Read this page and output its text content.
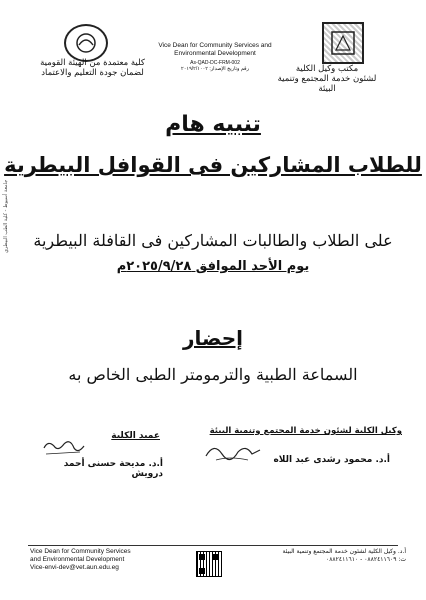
كلية معتمدة من الهيئة القومية
لضمان جودة التعليم والاعتماد
Vice Dean for Community Services and
Environmental Development
As-QAD-DC-FRM-002
رقم وتاريخ الإصدار: ٢٠١٩/٢/١٠٠٢	مكتب وكيل الكلية
لشئون خدمة المجتمع وتنمية البيئة
جامعة أسيوط - كلية الطب البيطري
تنبيه هام
للطلاب المشاركين فى القوافل البيطرية
على الطلاب والطالبات المشاركين فى القافلة البيطرية
يوم الأحد الموافق ٢٠٢٥/٩/٢٨م
إحضار
السماعة الطبية والترمومتر الطبى الخاص به
وكيل الكلية لشئون خدمة المجتمع وتنمية البيئة
أ.د. محمود رشدى عبد اللاه
عميد الكلية
أ.د. مديحة حسنى أحمد درويش
Vice Dean for Community Services
and Environmental Development
Vice-envi-dev@vet.aun.edu.eg
أ.د. وكيل الكلية لشئون خدمة المجتمع وتنمية البيئة
ت: ٠٨٨٢٤١١٦٠٩ - ٠٨٨٢٤١١٦١٠
